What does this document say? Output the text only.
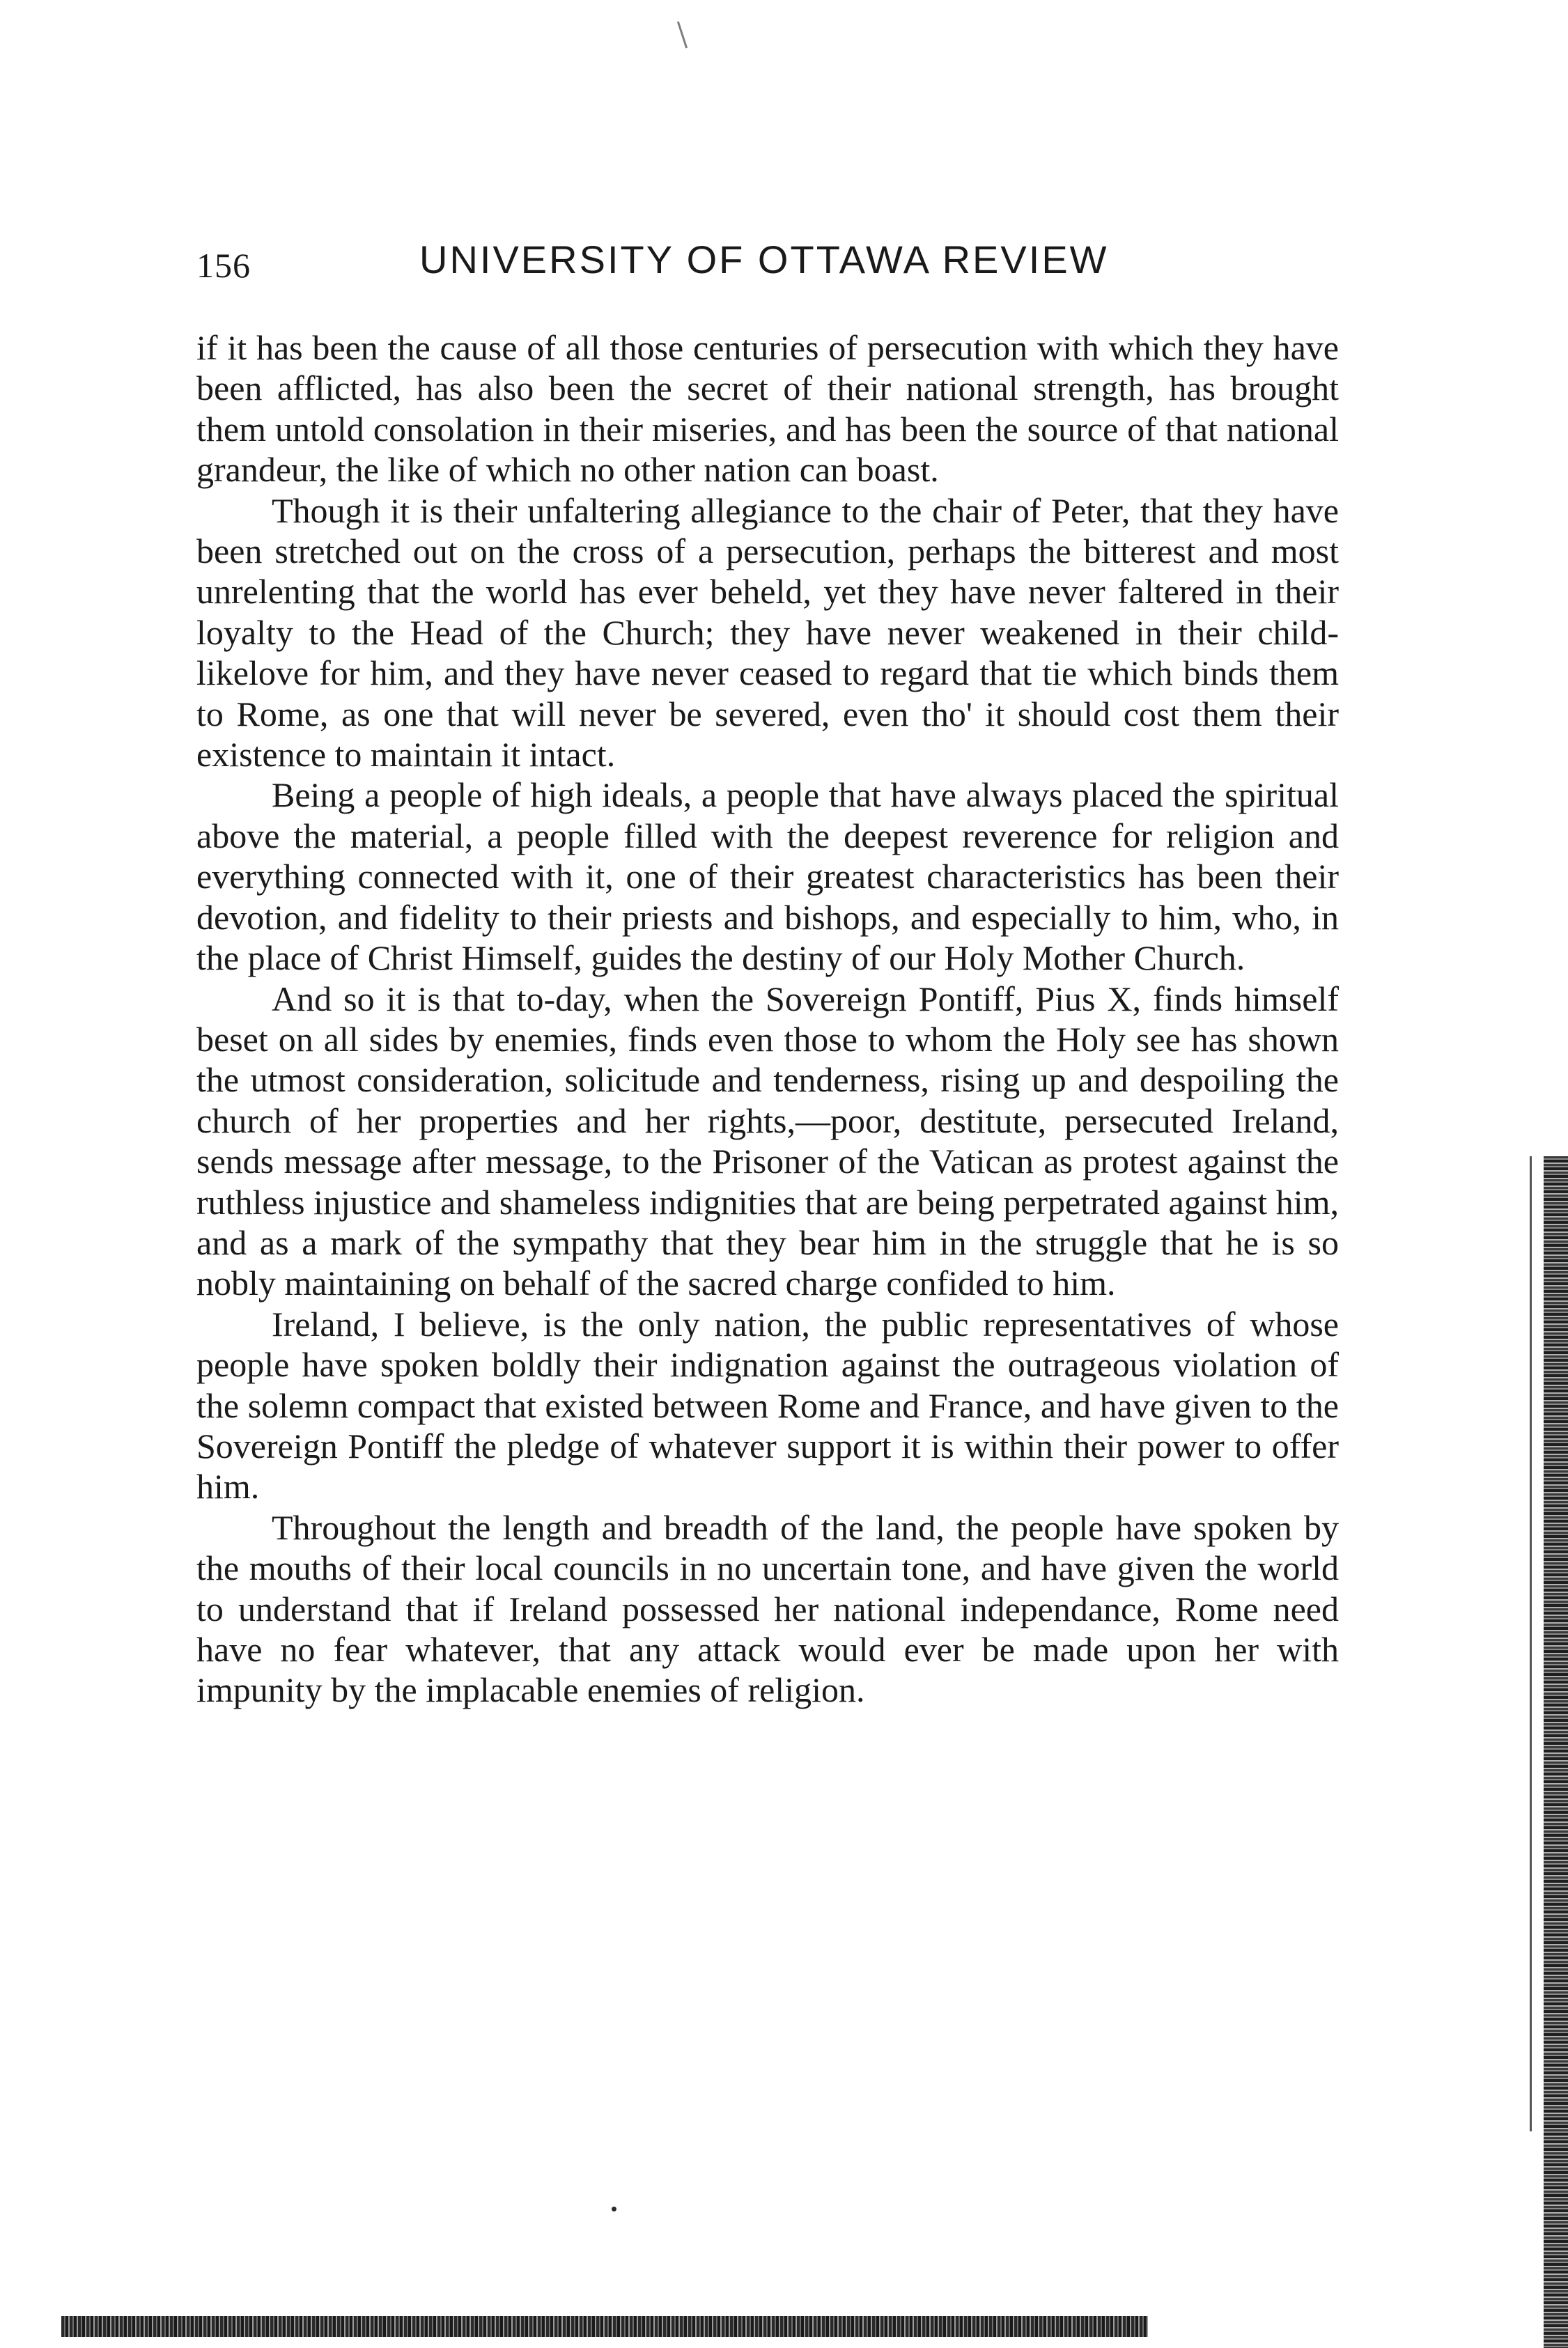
156	UNIVERSITY OF OTTAWA REVIEW

if it has been the cause of all those centuries of persecution with which they have been afflicted, has also been the secret of their national strength, has brought them untold consolation in their miseries, and has been the source of that national grandeur, the like of which no other nation can boast.

Though it is their unfaltering allegiance to the chair of Peter, that they have been stretched out on the cross of a persecution, perhaps the bitterest and most unrelenting that the world has ever beheld, yet they have never faltered in their loyalty to the Head of the Church; they have never weakened in their child-likelove for him, and they have never ceased to regard that tie which binds them to Rome, as one that will never be severed, even tho' it should cost them their existence to maintain it intact.

Being a people of high ideals, a people that have always placed the spiritual above the material, a people filled with the deepest reverence for religion and everything connected with it, one of their greatest characteristics has been their devotion, and fidelity to their priests and bishops, and especially to him, who, in the place of Christ Himself, guides the destiny of our Holy Mother Church.

And so it is that to-day, when the Sovereign Pontiff, Pius X, finds himself beset on all sides by enemies, finds even those to whom the Holy see has shown the utmost consideration, solicitude and tenderness, rising up and despoiling the church of her properties and her rights,—poor, destitute, persecuted Ireland, sends message after message, to the Prisoner of the Vatican as protest against the ruthless injustice and shameless indignities that are being perpetrated against him, and as a mark of the sympathy that they bear him in the struggle that he is so nobly maintaining on behalf of the sacred charge confided to him.

Ireland, I believe, is the only nation, the public representatives of whose people have spoken boldly their indignation against the outrageous violation of the solemn compact that existed between Rome and France, and have given to the Sovereign Pontiff the pledge of whatever support it is within their power to offer him.

Throughout the length and breadth of the land, the people have spoken by the mouths of their local councils in no uncertain tone, and have given the world to understand that if Ireland possessed her national independance, Rome need have no fear whatever, that any attack would ever be made upon her with impunity by the implacable enemies of religion.
